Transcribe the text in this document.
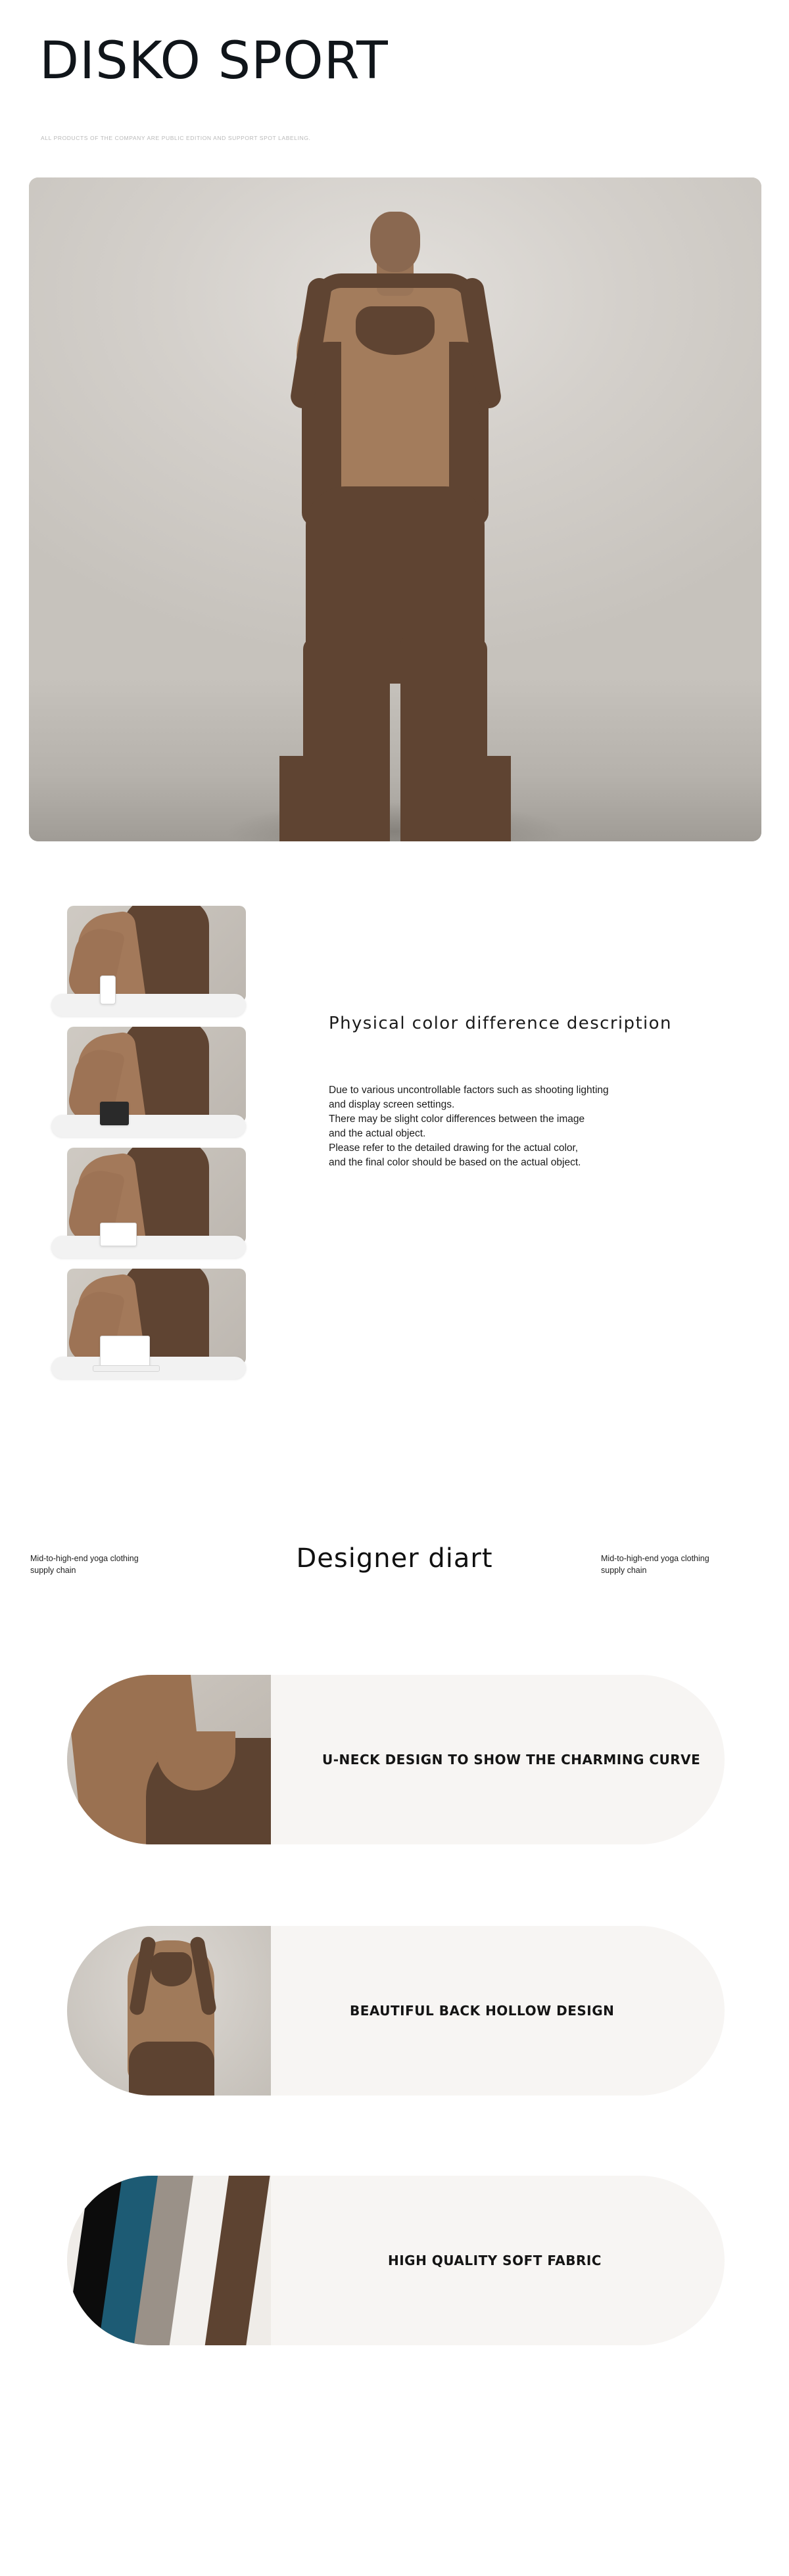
DISKO SPORT
ALL PRODUCTS OF THE COMPANY ARE PUBLIC EDITION AND SUPPORT SPOT LABELING.
Physical color difference description

Due to various uncontrollable factors such as shooting lighting

and display screen settings.

There may be slight color differences between the image

and the actual object.

Please refer to the detailed drawing for the actual color,

and the final color should be based on the actual object.

Mid-to-high-end yoga clothing
supply chain	Designer diart	Mid-to-high-end yoga clothing
supply chain
U-NECK DESIGN TO SHOW THE CHARMING CURVE
BEAUTIFUL BACK HOLLOW DESIGN
HIGH QUALITY SOFT FABRIC
